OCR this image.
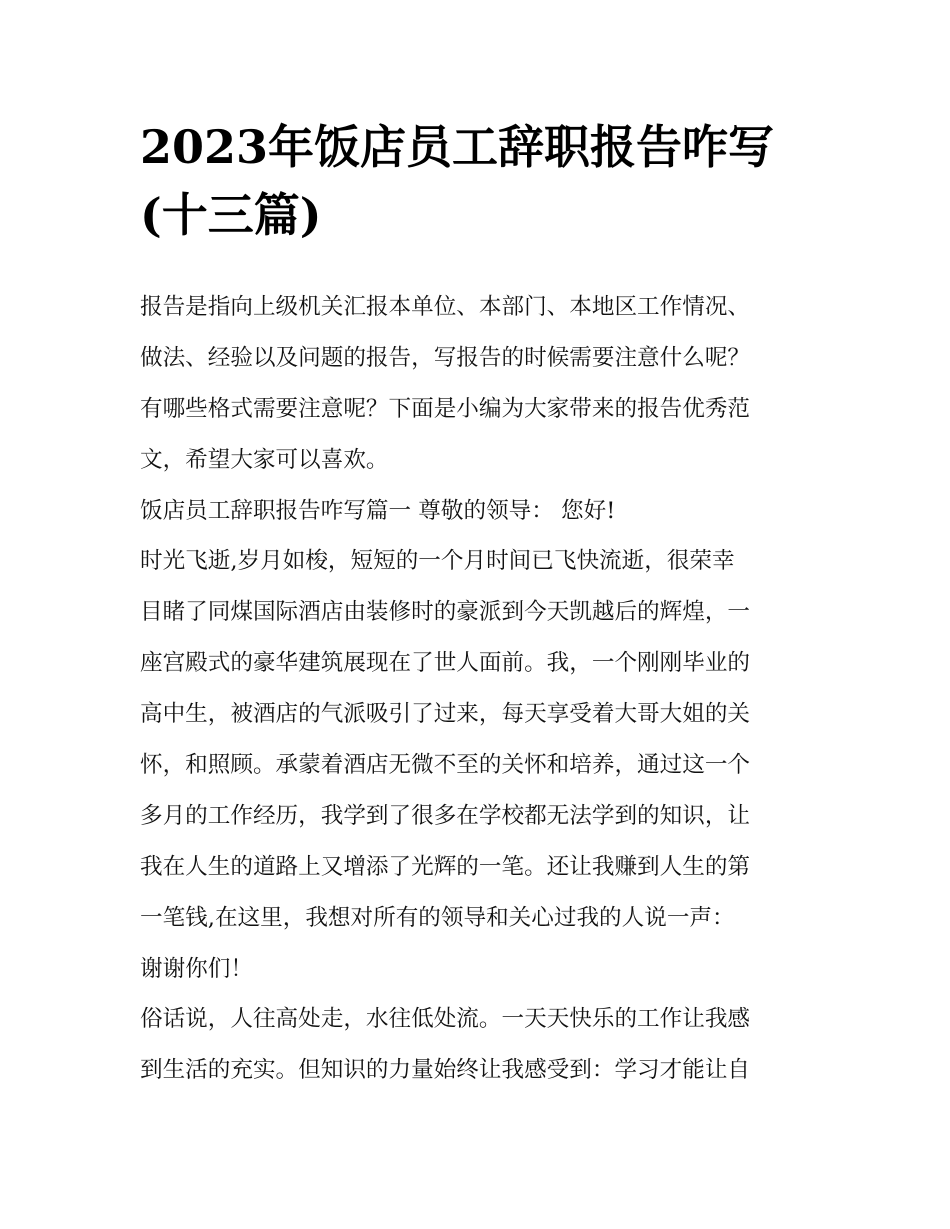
2023年饭店员工辞职报告咋写
(十三篇)
报告是指向上级机关汇报本单位、本部门、本地区工作情况、
做法、经验以及问题的报告，写报告的时候需要注意什么呢？
有哪些格式需要注意呢？下面是小编为大家带来的报告优秀范
文，希望大家可以喜欢。
饭店员工辞职报告咋写篇一 尊敬的领导： 您好!
时光飞逝,岁月如梭，短短的一个月时间已飞快流逝，很荣幸
目睹了同煤国际酒店由装修时的豪派到今天凯越后的辉煌，一
座宫殿式的豪华建筑展现在了世人面前。我，一个刚刚毕业的
高中生，被酒店的气派吸引了过来，每天享受着大哥大姐的关
怀，和照顾。承蒙着酒店无微不至的关怀和培养，通过这一个
多月的工作经历，我学到了很多在学校都无法学到的知识，让
我在人生的道路上又增添了光辉的一笔。还让我赚到人生的第
一笔钱,在这里，我想对所有的领导和关心过我的人说一声：
谢谢你们！
俗话说，人往高处走，水往低处流。一天天快乐的工作让我感
到生活的充实。但知识的力量始终让我感受到：学习才能让自
